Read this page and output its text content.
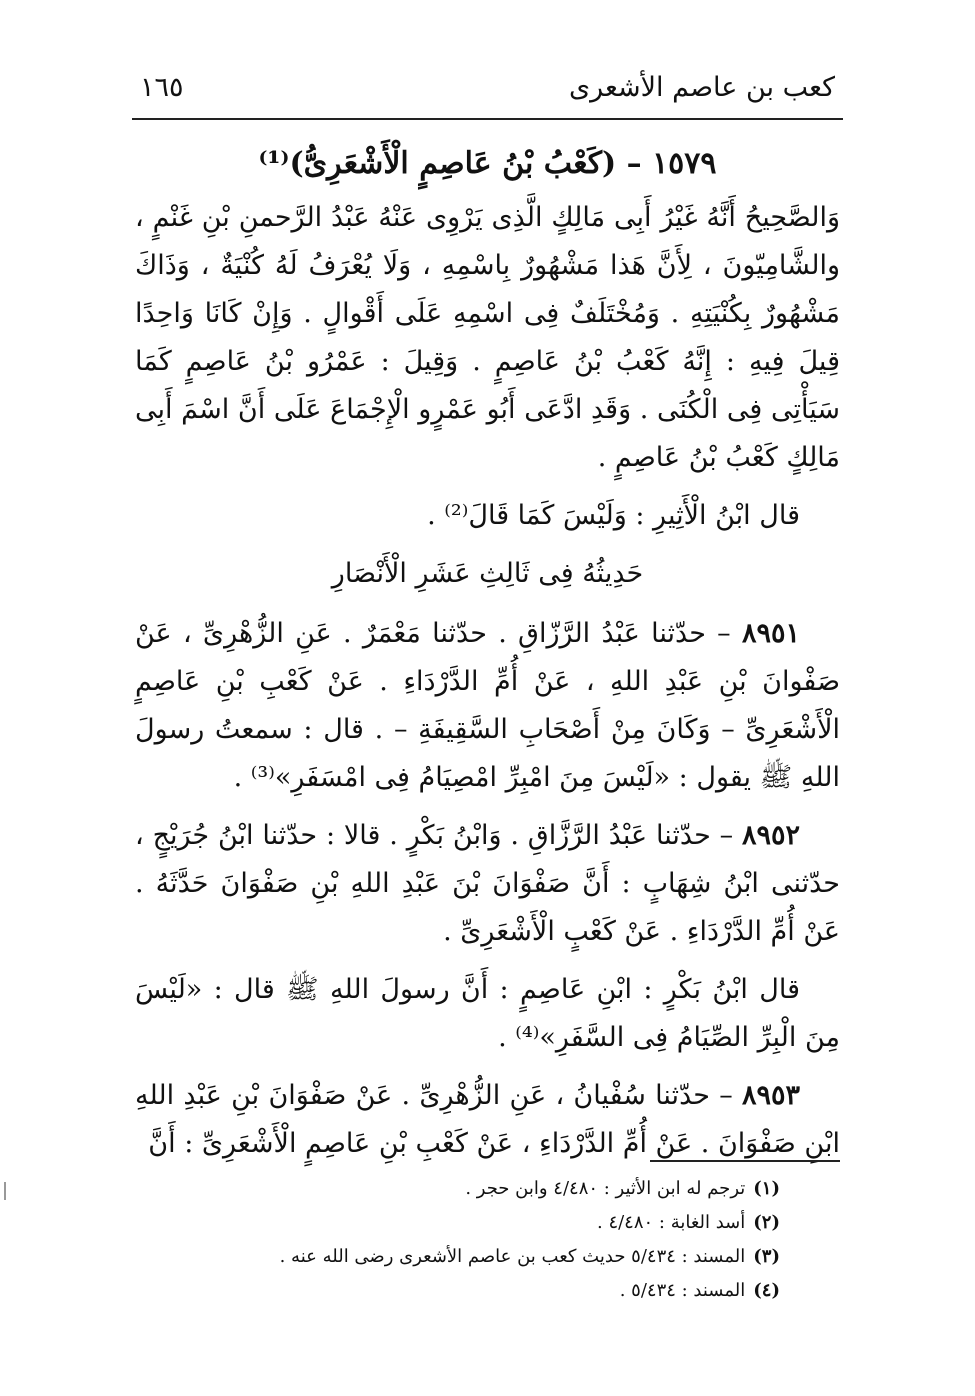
كعب بن عاصم الأشعرى
١٦٥

١٥٧٩ – (كَعْبُ بْنُ عَاصِمٍ الْأَشْعَرِىُّ)⁽¹⁾

وَالصَّحِيحُ أَنَّهُ غَيْرُ أَبِى مَالِكٍ الَّذِى يَرْوِى عَنْهُ عَبْدُ الرَّحمنِ بْنِ غَنْمٍ ، والشَّامِيّونَ ، لِأَنَّ هَذا مَشْهُورٌ بِاسْمِهِ ، وَلَا يُعْرَفُ لَهُ كُنْيَةٌ ، وَذَاكَ مَشْهُورٌ بِكُنْيَتِهِ . وَمُخْتَلَفٌ فِى اسْمِهِ عَلَى أَقْوالٍ . وَإِنْ كَانَا وَاحِدًا قِيلَ فِيهِ : إِنَّهُ كَعْبُ بْنُ عَاصِمٍ . وَقِيلَ : عَمْرُو بْنُ عَاصِمٍ كَمَا سَيَأْتِى فِى الْكُنَى . وَقَدِ ادَّعَى أَبُو عَمْرٍو الْإِجْمَاعَ عَلَى أَنَّ اسْمَ أَبِى مَالِكٍ كَعْبُ بْنُ عَاصِمٍ .

قال ابْنُ الْأَثِيرِ : وَلَيْسَ كَمَا قَالَ⁽²⁾ .

حَدِيثُهُ فِى ثَالِثِ عَشَرِ الْأَنْصَارِ

٨٩٥١ – حدّثنا عَبْدُ الرَّزّاقِ . حدّثنا مَعْمَرٌ . عَنِ الزُّهْرِىِّ ، عَنْ صَفْوانَ بْنِ عَبْدِ اللهِ ، عَنْ أُمِّ الدَّرْدَاءِ . عَنْ كَعْبِ بْنِ عَاصِمٍ الْأَشْعَرِىِّ – وَكَانَ مِنْ أَصْحَابِ السَّقِيفَةِ – . قال : سمعتُ رسولَ اللهِ ﷺ يقول : «لَيْسَ مِنَ امْبِرِّ امْصِيَامُ فِى امْسَفَرِ»⁽³⁾ .

٨٩٥٢ – حدّثنا عَبْدُ الرَّزَّاقِ . وَابْنُ بَكْرٍ . قالا : حدّثنا ابْنُ جُرَيْجٍ ، حدّثنى ابْنُ شِهَابٍ : أَنَّ صَفْوَانَ بْنَ عَبْدِ اللهِ بْنِ صَفْوَانَ حَدَّثَهُ . عَنْ أُمِّ الدَّرْدَاءِ . عَنْ كَعْبٍ الْأَشْعَرِىِّ .

قال ابْنُ بَكْرٍ : ابْنِ عَاصِمٍ : أَنَّ رسولَ اللهِ ﷺ قال : «لَيْسَ مِنَ الْبِرِّ الصِّيَامُ فِى السَّفَرِ»⁽⁴⁾ .

٨٩٥٣ – حدّثنا سُفْيانُ ، عَنِ الزُّهْرِىِّ . عَنْ صَفْوَانَ بْنِ عَبْدِ اللهِ ابْنِ صَفْوَانَ . عَنْ أُمِّ الدَّرْدَاءِ ، عَنْ كَعْبِ بْنِ عَاصِمٍ الْأَشْعَرِىِّ : أَنَّ

(١)ترجم له ابن الأثير : ٤/٤٨٠ وابن حجر .

(٢)أسد الغابة : ٤/٤٨٠ .

(٣)المسند : ٥/٤٣٤ حديث كعب بن عاصم الأشعرى رضى الله عنه .

(٤)المسند : ٥/٤٣٤ .
